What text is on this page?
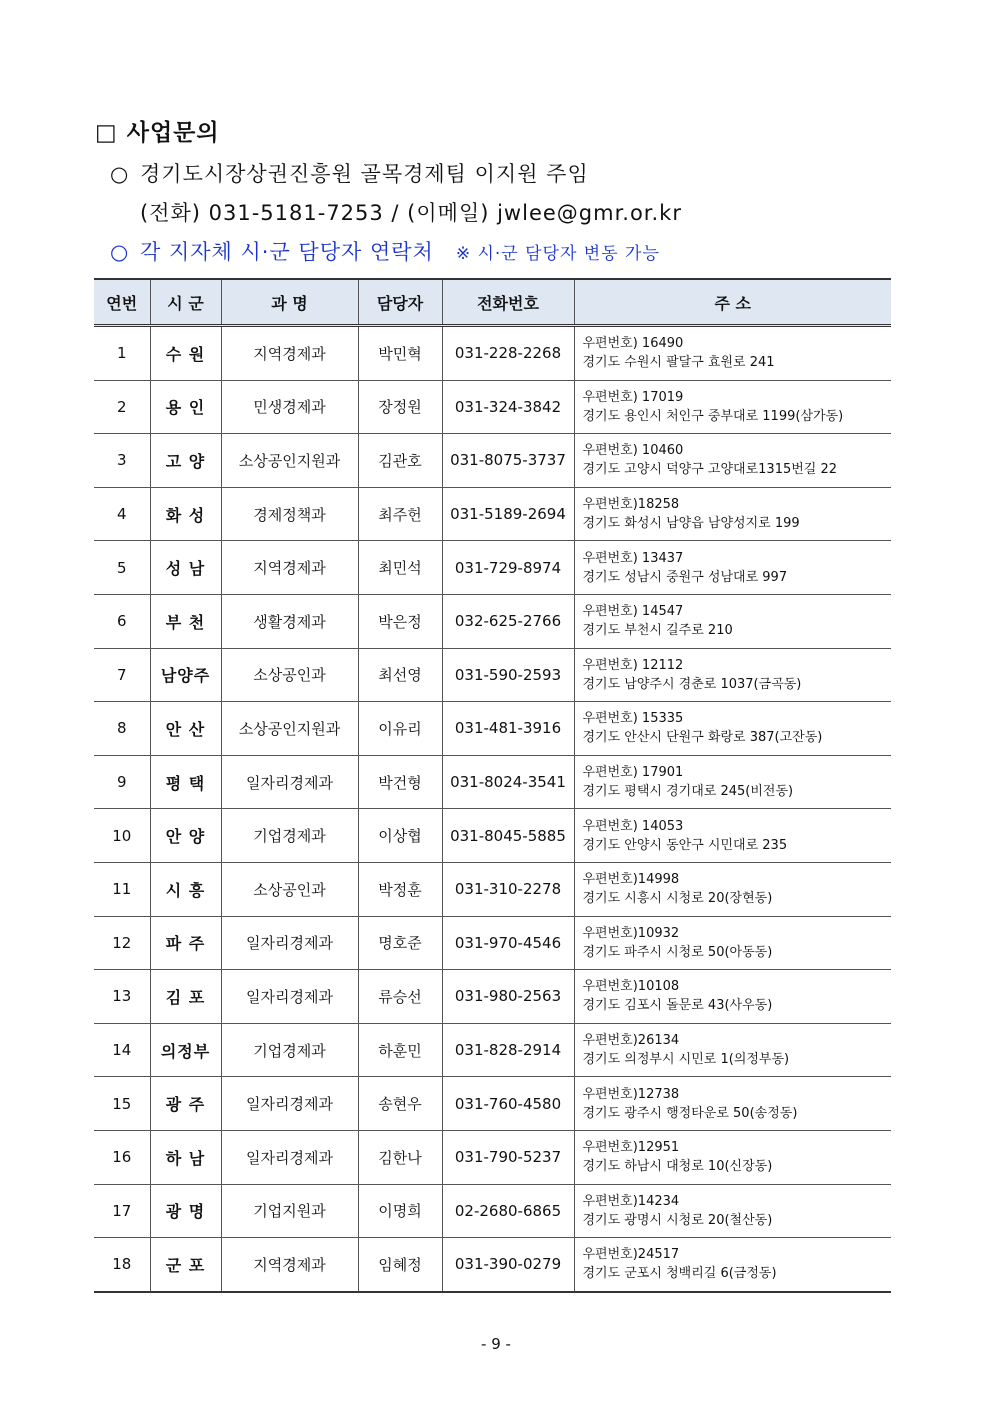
□ 사업문의
○ 경기도시장상권진흥원 골목경제팀 이지원 주임
(전화) 031-5181-7253 / (이메일) jwlee@gmr.or.kr
○ 각 지자체 시·군 담당자 연락처 ※ 시·군 담당자 변동 가능
연번	시 군	과 명	담당자	전화번호	주 소
1	수 원	지역경제과	박민혁	031-228-2268	우편번호) 16490
경기도 수원시 팔달구 효원로 241

2	용 인	민생경제과	장정원	031-324-3842	우편번호) 17019
경기도 용인시 처인구 중부대로 1199(삼가동)

3	고 양	소상공인지원과	김관호	031-8075-3737	우편번호) 10460
경기도 고양시 덕양구 고양대로1315번길 22

4	화 성	경제정책과	최주헌	031-5189-2694	우편번호)18258
경기도 화성시 남양읍 남양성지로 199

5	성 남	지역경제과	최민석	031-729-8974	우편번호) 13437
경기도 성남시 중원구 성남대로 997

6	부 천	생활경제과	박은정	032-625-2766	우편번호) 14547
경기도 부천시 길주로 210

7	남양주	소상공인과	최선영	031-590-2593	우편번호) 12112
경기도 남양주시 경춘로 1037(금곡동)

8	안 산	소상공인지원과	이유리	031-481-3916	우편번호) 15335
경기도 안산시 단원구 화랑로 387(고잔동)

9	평 택	일자리경제과	박건형	031-8024-3541	우편번호) 17901
경기도 평택시 경기대로 245(비전동)

10	안 양	기업경제과	이상협	031-8045-5885	우편번호) 14053
경기도 안양시 동안구 시민대로 235

11	시 흥	소상공인과	박정훈	031-310-2278	우편번호)14998
경기도 시흥시 시청로 20(장현동)

12	파 주	일자리경제과	명호준	031-970-4546	우편번호)10932
경기도 파주시 시청로 50(아동동)

13	김 포	일자리경제과	류승선	031-980-2563	우편번호)10108
경기도 김포시 돌문로 43(사우동)

14	의정부	기업경제과	하훈민	031-828-2914	우편번호)26134
경기도 의정부시 시민로 1(의정부동)

15	광 주	일자리경제과	송현우	031-760-4580	우편번호)12738
경기도 광주시 행정타운로 50(송정동)

16	하 남	일자리경제과	김한나	031-790-5237	우편번호)12951
경기도 하남시 대청로 10(신장동)

17	광 명	기업지원과	이명희	02-2680-6865	우편번호)14234
경기도 광명시 시청로 20(철산동)

18	군 포	지역경제과	임혜정	031-390-0279	우편번호)24517
경기도 군포시 청백리길 6(금정동)
- 9 -
